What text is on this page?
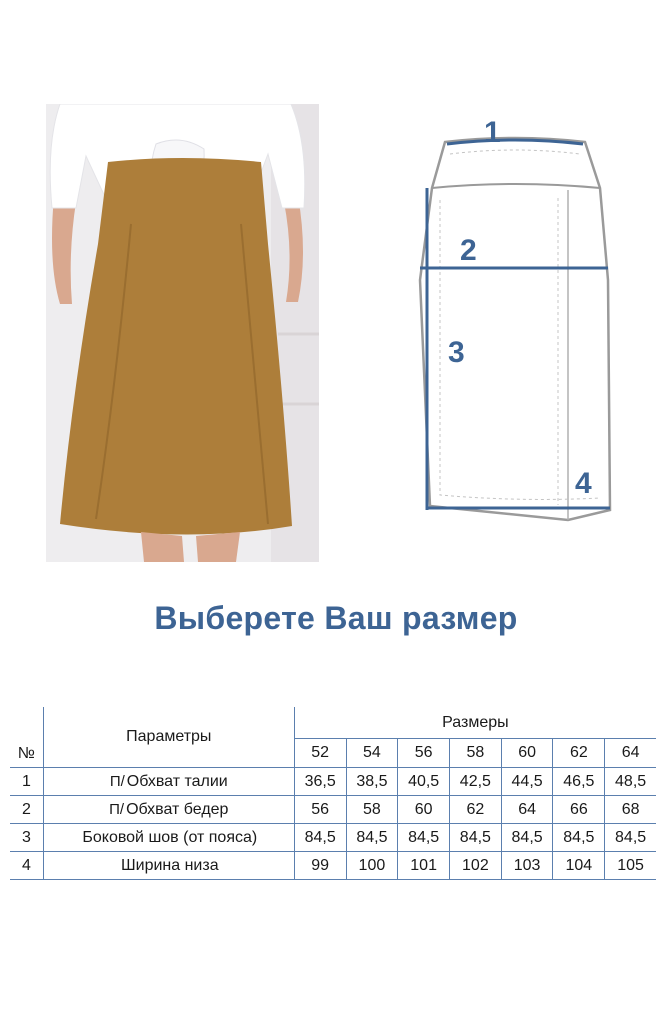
1
2
3
4
Выберете Ваш размер
№	Параметры	Размеры						
		52	54	56	58	60	62	64
1	П/ Обхват талии	36,5	38,5	40,5	42,5	44,5	46,5	48,5
2	П/ Обхват бедер	56	58	60	62	64	66	68
3	Боковой шов (от пояса)	84,5	84,5	84,5	84,5	84,5	84,5	84,5
4	Ширина низа	99	100	101	102	103	104	105
